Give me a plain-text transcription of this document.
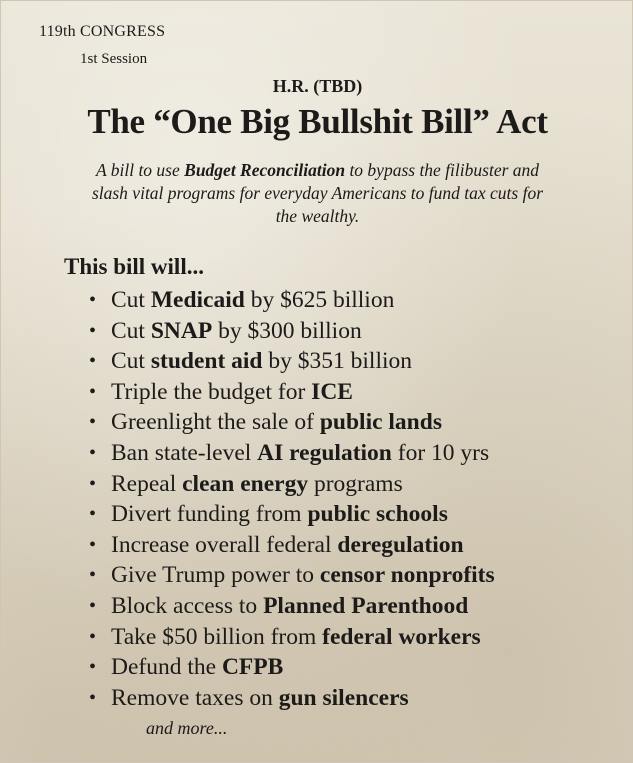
119th CONGRESS
1st Session
H.R. (TBD)
The “One Big Bullshit Bill” Act
A bill to use Budget Reconciliation to bypass the filibuster and slash vital programs for everyday Americans to fund tax cuts for the wealthy.
This bill will...
• Cut Medicaid by $625 billion
• Cut SNAP by $300 billion
• Cut student aid by $351 billion
• Triple the budget for ICE
• Greenlight the sale of public lands
• Ban state-level AI regulation for 10 yrs
• Repeal clean energy programs
• Divert funding from public schools
• Increase overall federal deregulation
• Give Trump power to censor nonprofits
• Block access to Planned Parenthood
• Take $50 billion from federal workers
• Defund the CFPB
• Remove taxes on gun silencers
and more...
